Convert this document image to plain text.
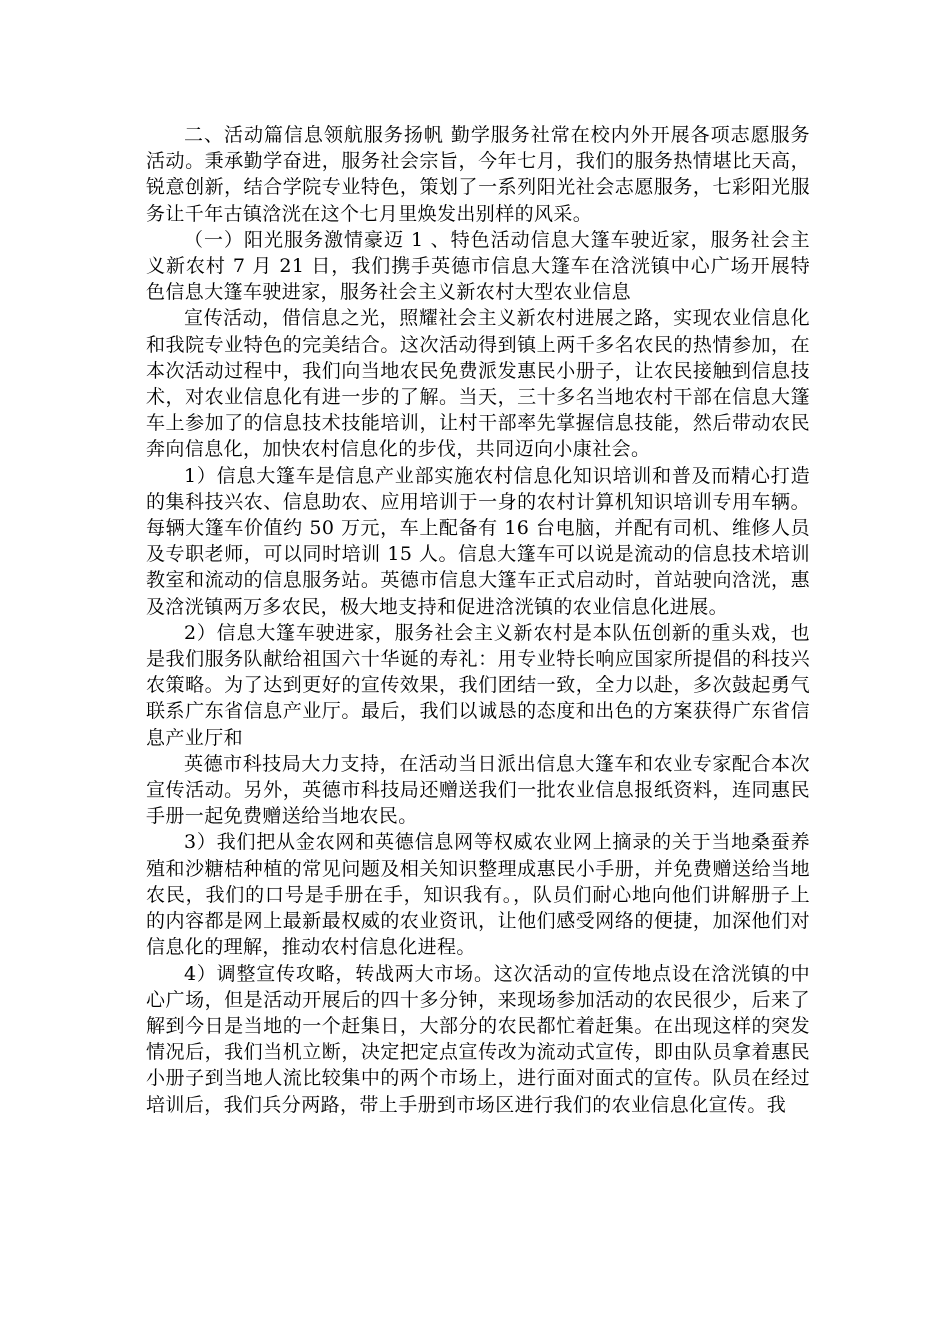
二、活动篇信息领航服务扬帆 勤学服务社常在校内外开展各项志愿服务活动。秉承勤学奋进，服务社会宗旨，今年七月，我们的服务热情堪比天高，锐意创新，结合学院专业特色，策划了一系列阳光社会志愿服务，七彩阳光服务让千年古镇浛洸在这个七月里焕发出别样的风采。

（一）阳光服务激情豪迈 1 、特色活动信息大篷车驶近家，服务社会主义新农村 7 月 21 日，我们携手英德市信息大篷车在浛洸镇中心广场开展特色信息大篷车驶进家，服务社会主义新农村大型农业信息

宣传活动，借信息之光，照耀社会主义新农村进展之路，实现农业信息化和我院专业特色的完美结合。这次活动得到镇上两千多名农民的热情参加，在本次活动过程中，我们向当地农民免费派发惠民小册子，让农民接触到信息技术，对农业信息化有进一步的了解。当天，三十多名当地农村干部在信息大篷车上参加了的信息技术技能培训，让村干部率先掌握信息技能，然后带动农民奔向信息化，加快农村信息化的步伐，共同迈向小康社会。

1）信息大篷车是信息产业部实施农村信息化知识培训和普及而精心打造的集科技兴农、信息助农、应用培训于一身的农村计算机知识培训专用车辆。每辆大篷车价值约 50 万元，车上配备有 16 台电脑，并配有司机、维修人员及专职老师，可以同时培训 15 人。信息大篷车可以说是流动的信息技术培训教室和流动的信息服务站。英德市信息大篷车正式启动时，首站驶向浛洸，惠及浛洸镇两万多农民，极大地支持和促进浛洸镇的农业信息化进展。

2）信息大篷车驶进家，服务社会主义新农村是本队伍创新的重头戏，也是我们服务队献给祖国六十华诞的寿礼：用专业特长响应国家所提倡的科技兴农策略。为了达到更好的宣传效果，我们团结一致，全力以赴，多次鼓起勇气联系广东省信息产业厅。最后，我们以诚恳的态度和出色的方案获得广东省信息产业厅和

英德市科技局大力支持，在活动当日派出信息大篷车和农业专家配合本次宣传活动。另外，英德市科技局还赠送我们一批农业信息报纸资料，连同惠民手册一起免费赠送给当地农民。

3）我们把从金农网和英德信息网等权威农业网上摘录的关于当地桑蚕养殖和沙糖桔种植的常见问题及相关知识整理成惠民小手册，并免费赠送给当地农民，我们的口号是手册在手，知识我有。，队员们耐心地向他们讲解册子上的内容都是网上最新最权威的农业资讯，让他们感受网络的便捷，加深他们对信息化的理解，推动农村信息化进程。

4）调整宣传攻略，转战两大市场。这次活动的宣传地点设在浛洸镇的中心广场，但是活动开展后的四十多分钟，来现场参加活动的农民很少，后来了解到今日是当地的一个赶集日，大部分的农民都忙着赶集。在出现这样的突发情况后，我们当机立断，决定把定点宣传改为流动式宣传，即由队员拿着惠民小册子到当地人流比较集中的两个市场上，进行面对面式的宣传。队员在经过培训后，我们兵分两路，带上手册到市场区进行我们的农业信息化宣传。我
